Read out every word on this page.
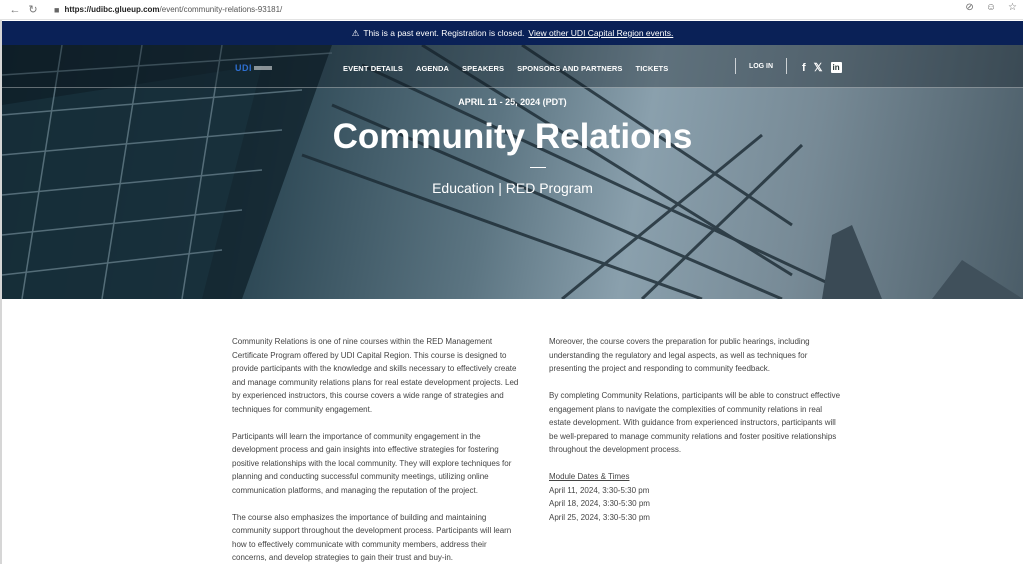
← ↻ ■ https://udibc.glueup.com/event/community-relations-93181/	⊘ ☺ ☆
⚠ This is a past event. Registration is closed. View other UDI Capital Region events.
UDI	EVENT DETAILS AGENDA SPEAKERS SPONSORS AND PARTNERS TICKETS	LOG IN	f 𝕏 in
APRIL 11 - 25, 2024 (PDT)
Community Relations
Education | RED Program

Community Relations is one of nine courses within the RED Management Certificate Program offered by UDI Capital Region. This course is designed to provide participants with the knowledge and skills necessary to effectively create and manage community relations plans for real estate development projects. Led by experienced instructors, this course covers a wide range of strategies and techniques for community engagement.

Participants will learn the importance of community engagement in the development process and gain insights into effective strategies for fostering positive relationships with the local community. They will explore techniques for planning and conducting successful community meetings, utilizing online communication platforms, and managing the reputation of the project.

The course also emphasizes the importance of building and maintaining community support throughout the development process. Participants will learn how to effectively communicate with community members, address their concerns, and develop strategies to gain their trust and buy-in.

Moreover, the course covers the preparation for public hearings, including understanding the regulatory and legal aspects, as well as techniques for presenting the project and responding to community feedback.

By completing Community Relations, participants will be able to construct effective engagement plans to navigate the complexities of community relations in real estate development. With guidance from experienced instructors, participants will be well-prepared to manage community relations and foster positive relationships throughout the development process.

Module Dates & Times
April 11, 2024, 3:30-5:30 pm
April 18, 2024, 3:30-5:30 pm
April 25, 2024, 3:30-5:30 pm
